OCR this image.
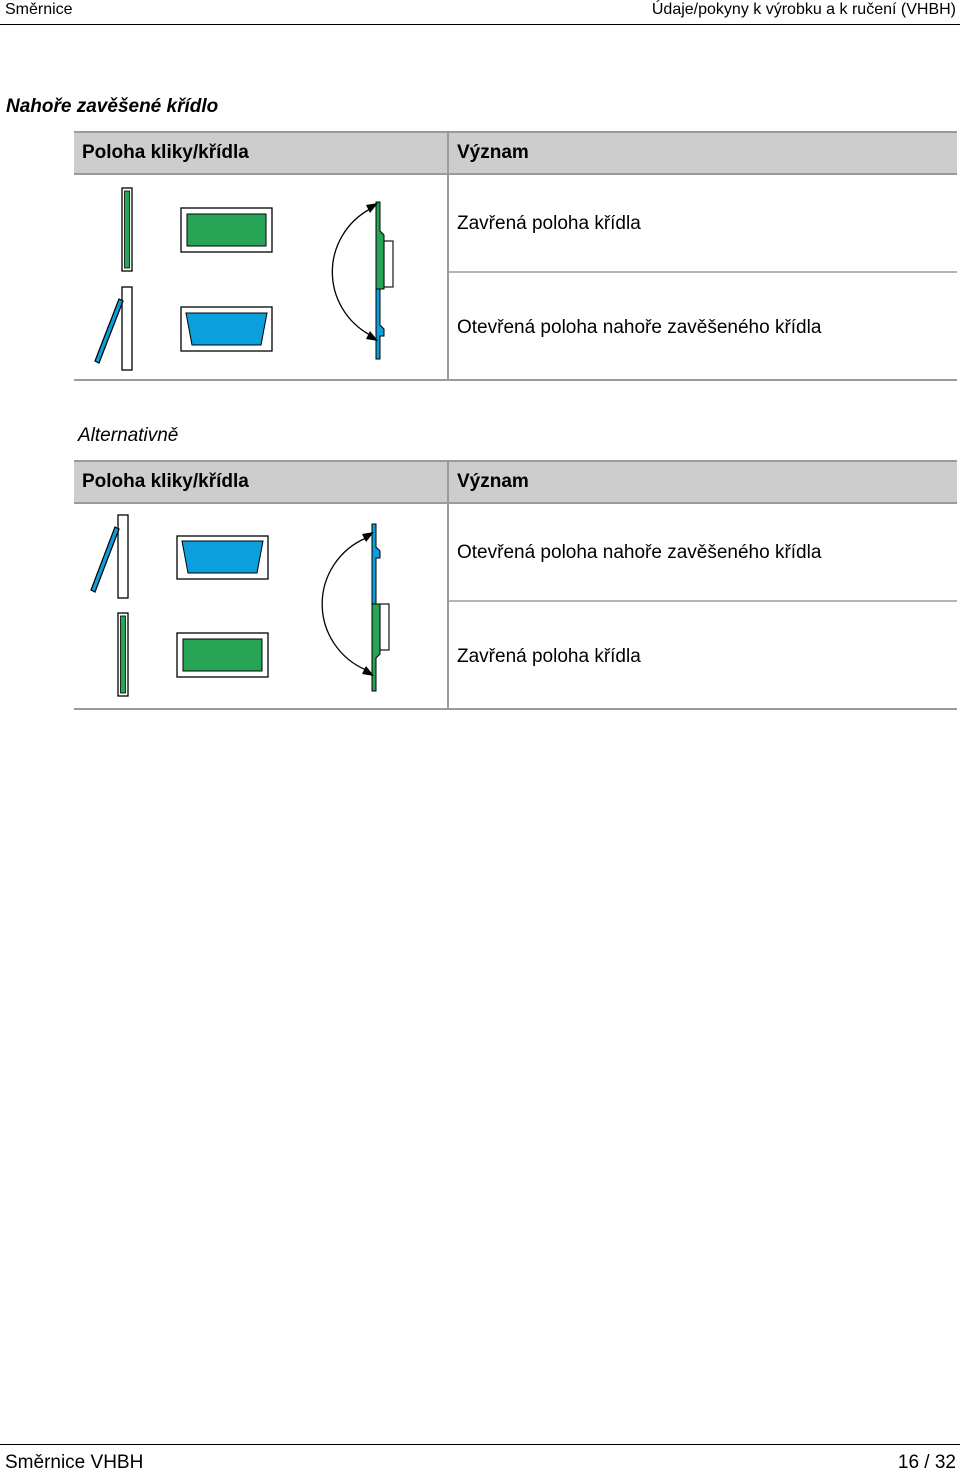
Směrnice	Údaje/pokyny k výrobku a k ručení (VHBH)
Nahoře zavěšené křídlo
Poloha kliky/křídla	Význam
Zavřená poloha křídla
Otevřená poloha nahoře zavěšeného křídla
Alternativně
Poloha kliky/křídla	Význam
Otevřená poloha nahoře zavěšeného křídla
Zavřená poloha křídla
Směrnice VHBH	16 / 32
